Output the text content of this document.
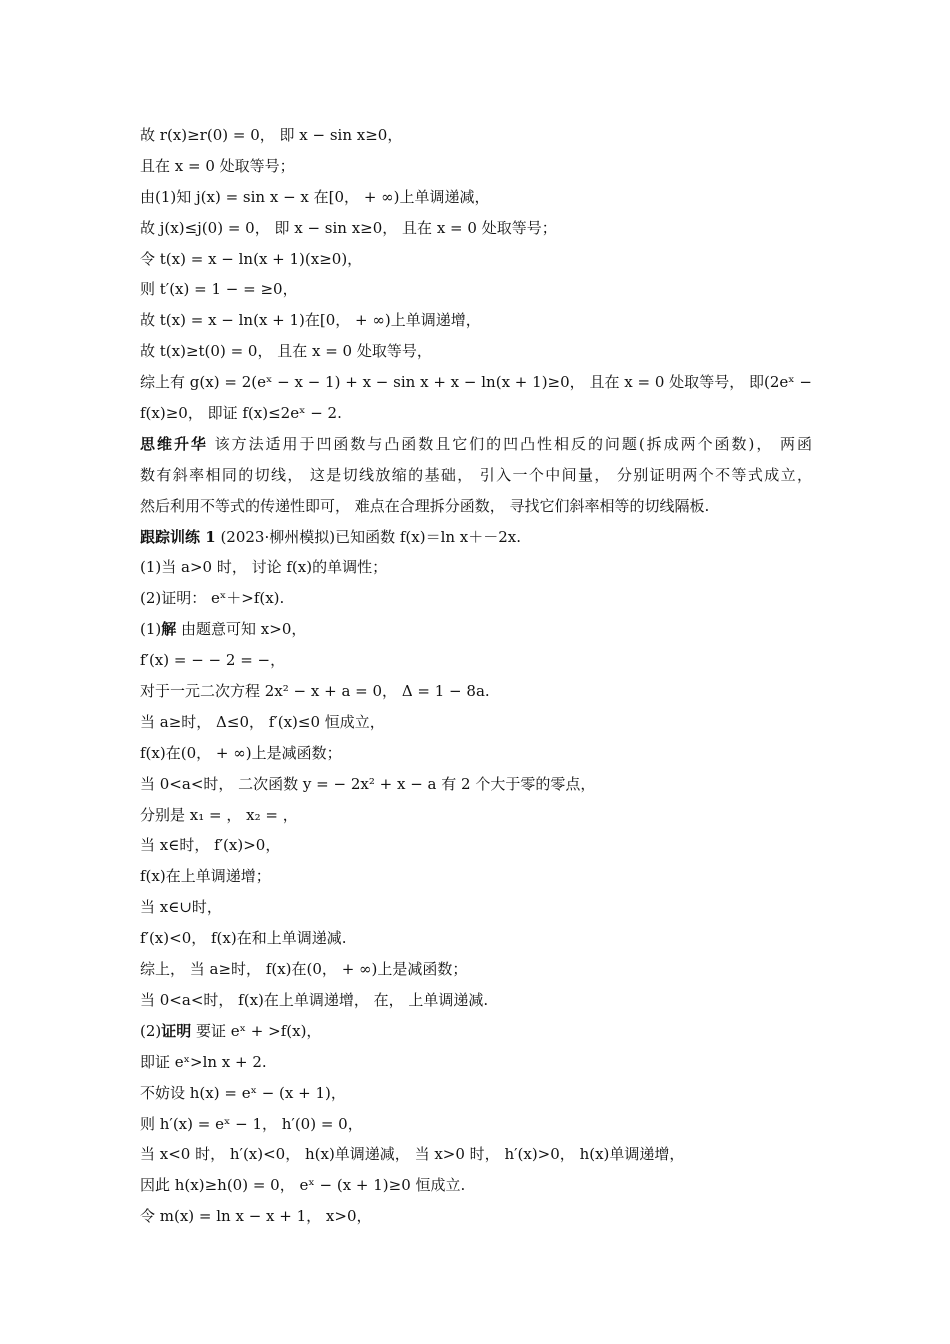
故 r(x)≥r(0) = 0， 即 x − sin x≥0，
且在 x = 0 处取等号；
由(1)知 j(x) = sin x − x 在[0， + ∞)上单调递减，
故 j(x)≤j(0) = 0， 即 x − sin x≥0， 且在 x = 0 处取等号；
令 t(x) = x − ln(x + 1)(x≥0)，
则 t′(x) = 1 − = ≥0，
故 t(x) = x − ln(x + 1)在[0， + ∞)上单调递增，
故 t(x)≥t(0) = 0， 且在 x = 0 处取等号，
综上有 g(x) = 2(eˣ − x − 1) + x − sin x + x − ln(x + 1)≥0， 且在 x = 0 处取等号， 即(2eˣ −
f(x)≥0， 即证 f(x)≤2eˣ − 2.
思维升华 该方法适用于凹函数与凸函数且它们的凹凸性相反的问题(拆成两个函数)， 两函
数有斜率相同的切线， 这是切线放缩的基础， 引入一个中间量， 分别证明两个不等式成立，
然后利用不等式的传递性即可， 难点在合理拆分函数， 寻找它们斜率相等的切线隔板.
跟踪训练 1 (2023·柳州模拟)已知函数 f(x)＝ln x＋－2x.
(1)当 a>0 时， 讨论 f(x)的单调性；
(2)证明： eˣ＋>f(x).
(1)解 由题意可知 x>0，
f′(x) = − − 2 = −，
对于一元二次方程 2x² − x + a = 0， Δ = 1 − 8a.
当 a≥时， Δ≤0， f′(x)≤0 恒成立，
f(x)在(0， + ∞)上是减函数；
当 0<a<时， 二次函数 y = − 2x² + x − a 有 2 个大于零的零点，
分别是 x₁ = ， x₂ = ，
当 x∈时， f′(x)>0，
f(x)在上单调递增；
当 x∈∪时，
f′(x)<0， f(x)在和上单调递减.
综上， 当 a≥时， f(x)在(0， + ∞)上是减函数；
当 0<a<时， f(x)在上单调递增， 在， 上单调递减.
(2)证明 要证 eˣ + >f(x)，
即证 eˣ>ln x + 2.
不妨设 h(x) = eˣ − (x + 1)，
则 h′(x) = eˣ − 1， h′(0) = 0，
当 x<0 时， h′(x)<0， h(x)单调递减， 当 x>0 时， h′(x)>0， h(x)单调递增，
因此 h(x)≥h(0) = 0， eˣ − (x + 1)≥0 恒成立.
令 m(x) = ln x − x + 1， x>0，
